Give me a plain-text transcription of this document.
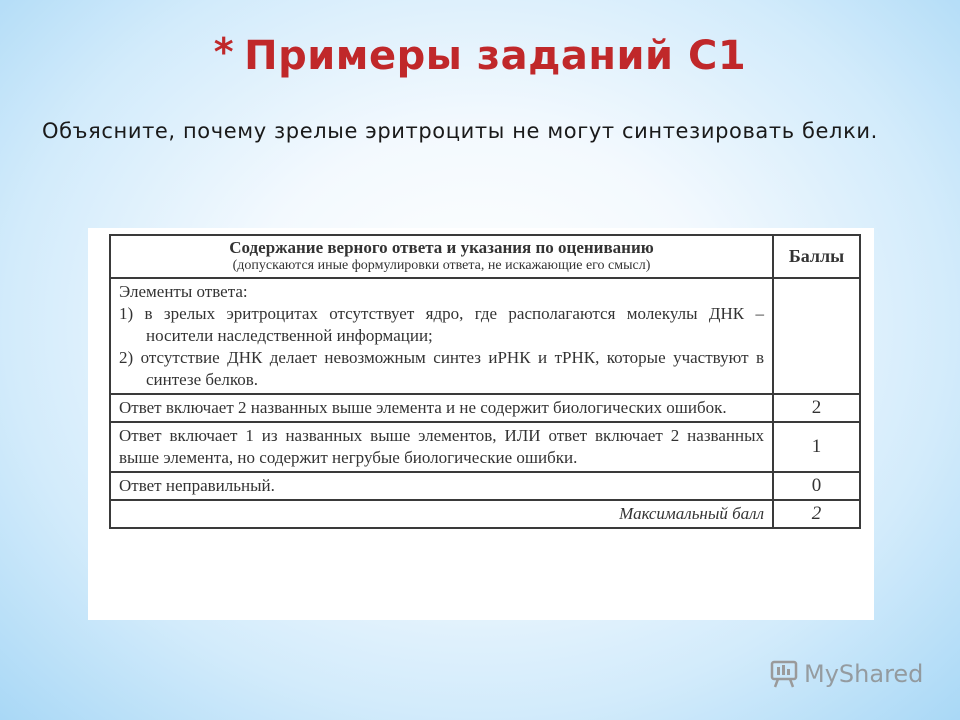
* Примеры заданий С1
Объясните, почему зрелые эритроциты не могут синтезировать белки.
Содержание верного ответа и указания по оцениванию
(допускаются иные формулировки ответа, не искажающие его смысл)	Баллы

Элементы ответа:
1) в зрелых эритроцитах отсутствует ядро, где располагаются молекулы ДНК – носители наследственной информации;
2) отсутствие ДНК делает невозможным синтез иРНК и тРНК, которые участвуют в синтезе белков.	

Ответ включает 2 названных выше элемента и не содержит биологических ошибок.	2
Ответ включает 1 из названных выше элементов, ИЛИ ответ включает 2 названных выше элемента, но содержит негрубые биологические ошибки.	1
Ответ неправильный.	0
Максимальный балл	2
MyShared
